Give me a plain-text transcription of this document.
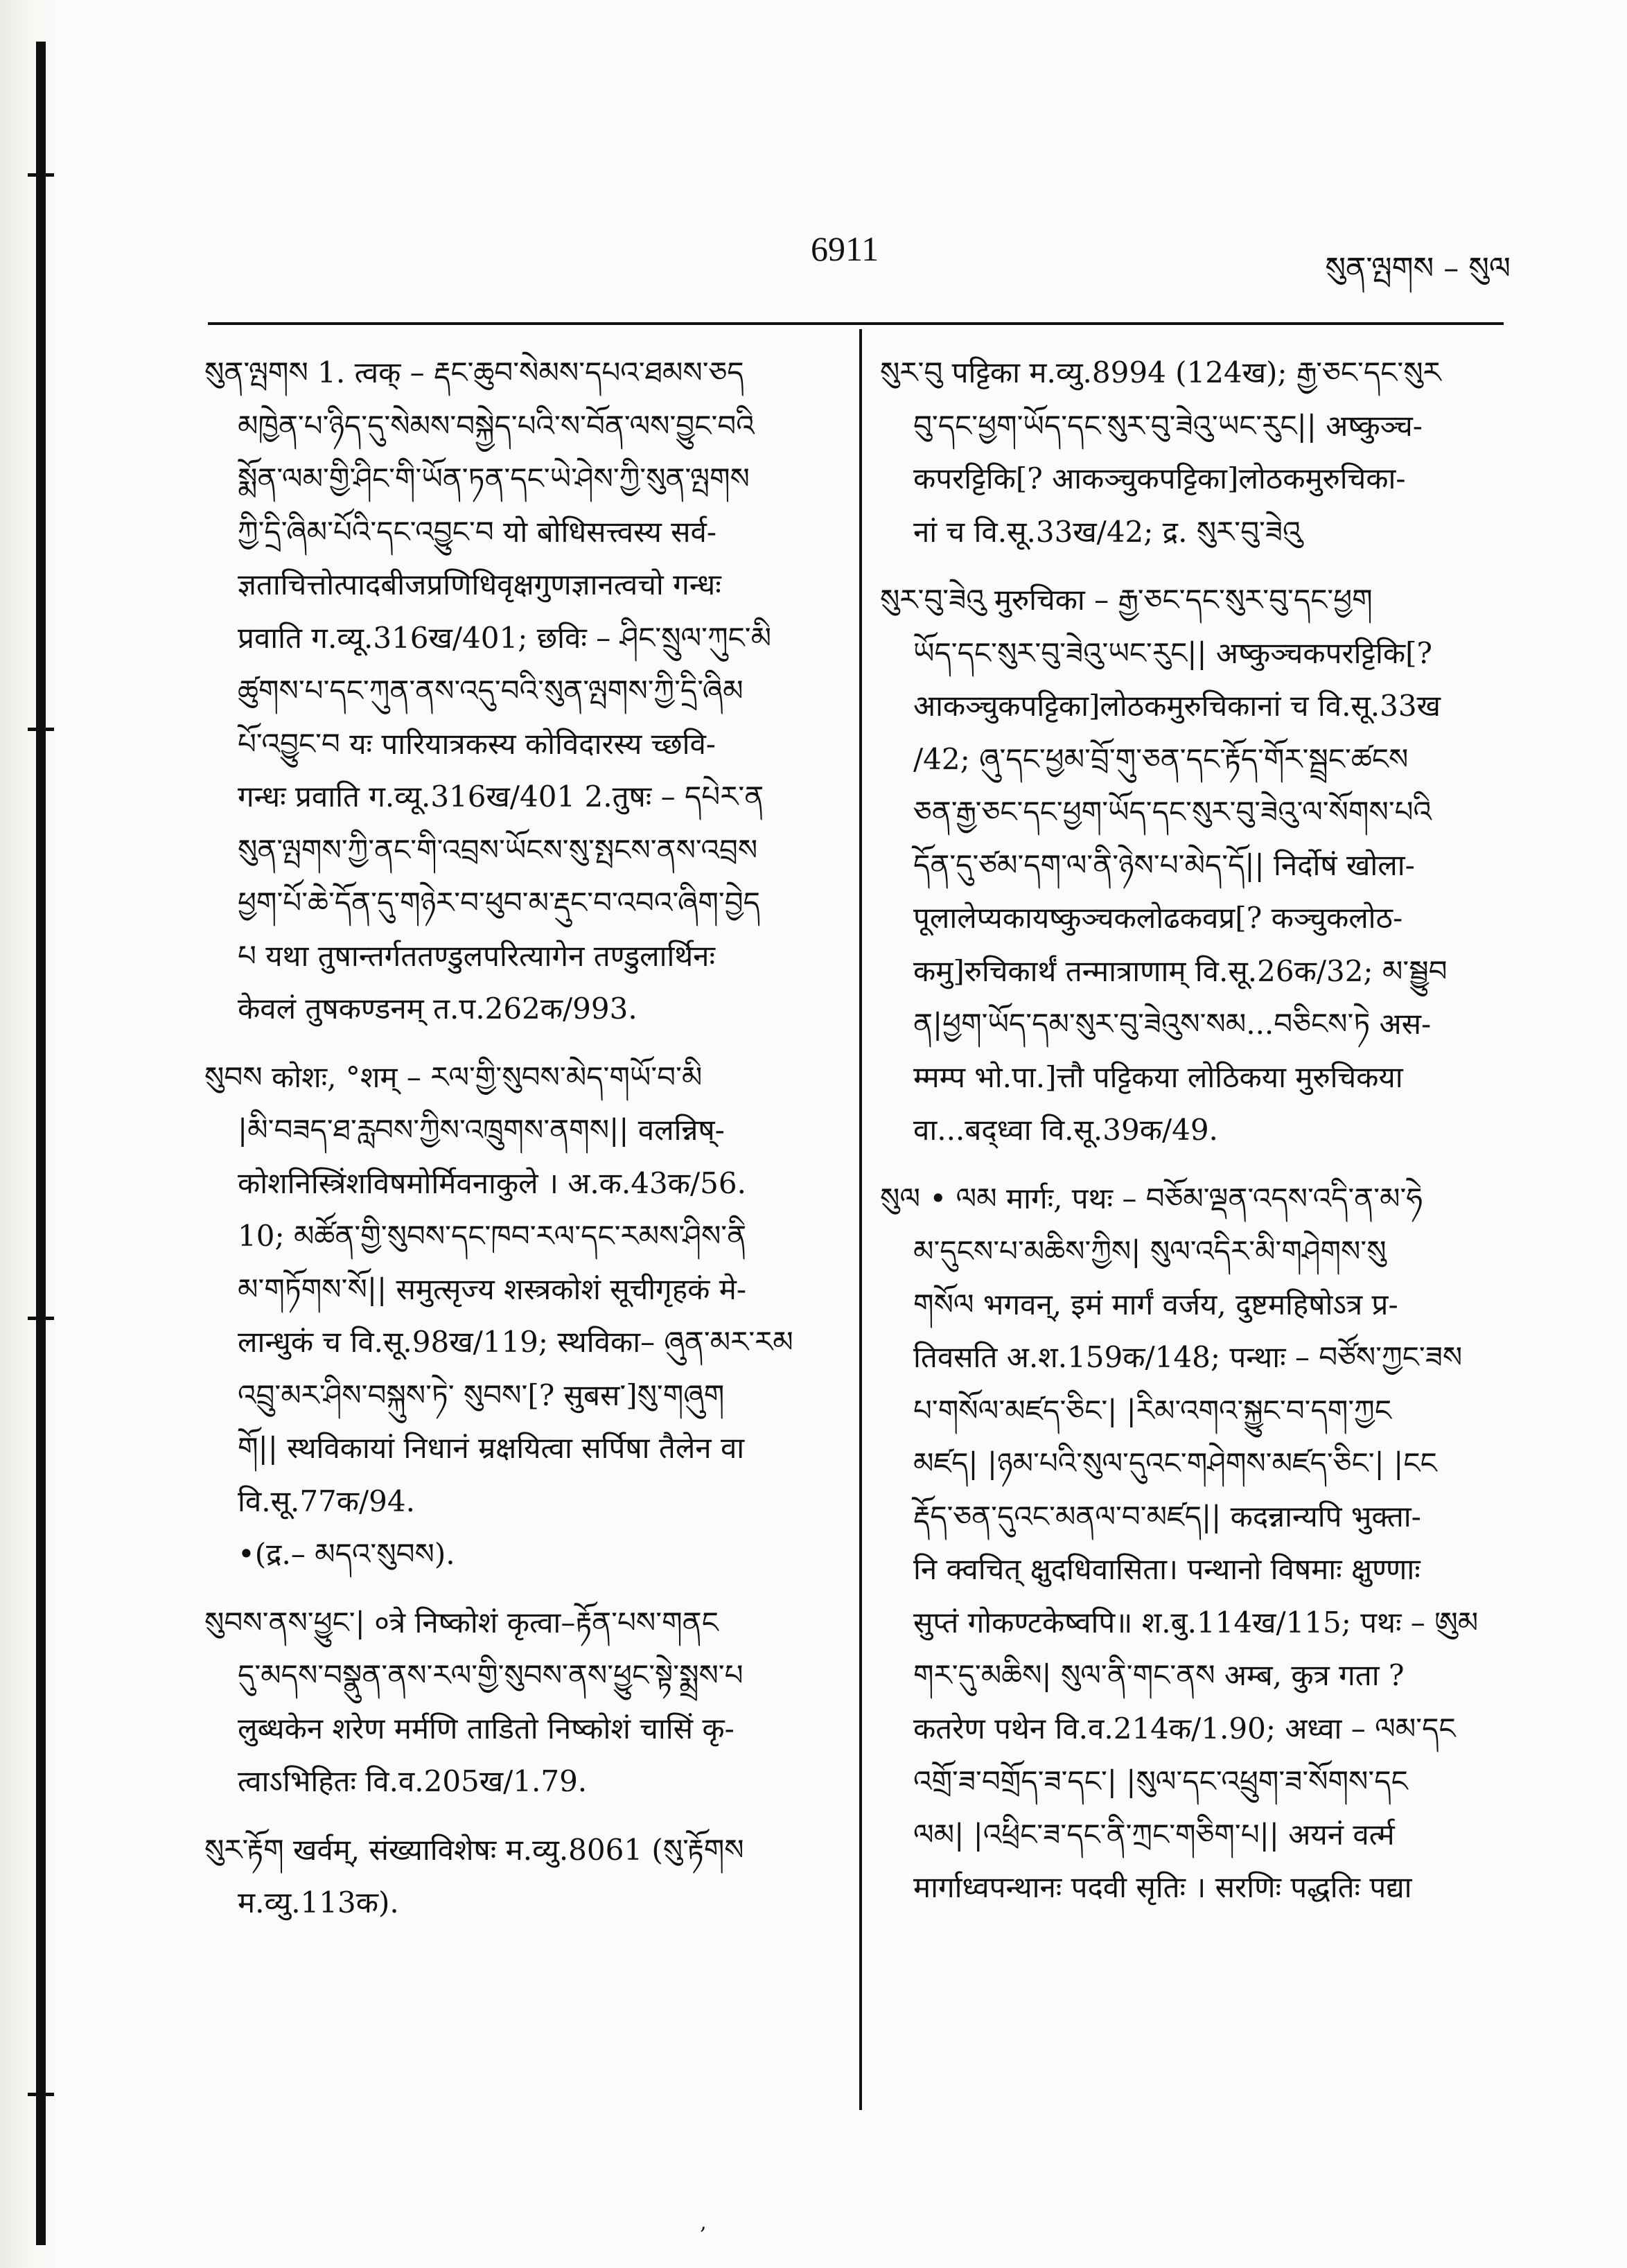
6911
སུན་ལྤགས – སུལ
སུན་ལྤགས 1. त्वक् – རྡང་ཆུབ་སེམས་དཔའ་ཐམས་ཅད
མཁྱེན་པ་ཉིད་དུ་སེམས་བསྐྱེད་པའི་ས་བོན་ལས་བྱུང་བའི
སྨོན་ལམ་གྱི་ཤིང་གི་ཡོན་ཏན་དང་ཡེ་ཤེས་ཀྱི་སུན་ལྤགས
ཀྱི་དྲི་ཞིམ་པོའི་དང་འབྱུང་བ यो बोधिसत्त्वस्य सर्व-
ज्ञताचित्तोत्पादबीजप्रणिधिवृक्षगुणज्ञानत्वचो गन्धः
प्रवाति ग.व्यू.316ख/401; छविः – ཤིང་སྲུལ་ཀུང་མི
ཚུགས་པ་དང་ཀུན་ནས་འདུ་བའི་སུན་ལྤགས་ཀྱི་དྲི་ཞིམ
པོ་འབྱུང་བ यः पारियात्रकस्य कोविदारस्य च्छवि-
गन्धः प्रवाति ग.व्यू.316ख/401 2.तुषः – དཔེར་ན
སུན་ལྤགས་ཀྱི་ནང་གི་འབྲས་ཡོངས་སུ་སྤངས་ནས་འབྲས
ཕྱག་པོ་ཆེ་དོན་དུ་གཉེར་བ་ཕུབ་མ་རྡུང་བ་འབའ་ཞིག་བྱེད
པ यथा तुषान्तर्गततण्डुलपरित्यागेन तण्डुलार्थिनः
केवलं तुषकण्डनम् त.प.262क/993.
སུབས कोशः, °शम् – རལ་གྱི་སུབས་མེད་གཡོ་བ་མི
|མི་བཟད་ཐ་རླབས་ཀྱིས་འཁྲུགས་ནགས|| वलन्निष्-
कोशनिस्त्रिंशविषमोर्मिवनाकुले । अ.क.43क/56.
10; མཚོན་གྱི་སུབས་དང་ཁབ་རལ་དང་རམས་ཤིས་ནི
མ་གཏོགས་སོ|| समुत्सृज्य शस्त्रकोशं सूचीगृहकं मे-
लान्धुकं च वि.सू.98ख/119; स्थविका– ཞུན་མར་རམ
འབྲུ་མར་ཤིས་བསྐུས་ཏེ་ སུབས་[? सुबस་]སུ་གཞུག
གོ|| स्थविकायां निधानं म्रक्षयित्वा सर्पिषा तैलेन वा
वि.सू.77क/94.
•(द्र.– མདའ་སུབས).
སུབས་ནས་ཕྱུང་| ०त्रे निष्कोशं कृत्वा–རྟོན་པས་གནང
དུ་མདས་བསྣུན་ནས་རལ་གྱི་སུབས་ནས་ཕྱུང་སྟེ་སྨྲས་པ
लुब्धकेन शरेण मर्मणि ताडितो निष्कोशं चासिं कृ-
त्वाऽभिहितः वि.व.205ख/1.79.
སུར་རྟོག खर्वम्, संख्याविशेषः म.व्यु.8061 (སུ་རྟོགས
म.व्यु.113क).
སུར་བུ पट्टिका म.व्यु.8994 (124ख); རྒྱ་ཅང་དང་སུར
བུ་དང་ཕྱག་ཡོད་དང་སུར་བུ་ཟེའུ་ཡང་རུང|| अष्कुञ्च-
कपरट्टिकि[? आकञ्चुकपट्टिका]लोठकमुरुचिका-
नां च वि.सू.33ख/42; द्र. སུར་བུ་ཟེའུ
སུར་བུ་ཟེའུ मुरुचिका – རྒྱ་ཅང་དང་སུར་བུ་དང་ཕྱག
ཡོད་དང་སུར་བུ་ཟེའུ་ཡང་རུང|| अष्कुञ्चकपरट्टिकि[?
आकञ्चुकपट्टिका]लोठकमुरुचिकानां च वि.सू.33ख
/42; ཞུ་དང་ཕྱམ་བྲོ་གུ་ཅན་དང་རྟོད་གོར་སྦྲང་ཚངས
ཅན་རྒྱ་ཅང་དང་ཕྱག་ཡོད་དང་སུར་བུ་ཟེའུ་ལ་སོགས་པའི
དོན་དུ་ཙམ་དག་ལ་ནི་ཉེས་པ་མེད་དོ|| निर्दोषं खोला-
पूलालेप्यकायष्कुञ्चकलोढकवप्र[? कञ्चुकलोठ-
कमु]रुचिकार्थं तन्मात्राणाम् वि.सू.26क/32; མ་སྦྱུབ
ན|ཕྱག་ཡོད་དམ་སུར་བུ་ཟེའུས་སམ...བཅིངས་ཏེ अस-
म्मम्प भो.पा.]त्तौ पट्टिकया लोठिकया मुरुचिकया
वा...बद्ध्वा वि.सू.39क/49.
སུལ • ལམ मार्गः, पथः – བཅོམ་ལྡན་འདས་འདི་ན་མ་ཧེ
མ་དུངས་པ་མཆིས་ཀྱིས| སུལ་འདིར་མི་གཤེགས་སུ
གསོལ भगवन्, इमं मार्गं वर्जय, दुष्टमहिषोऽत्र प्र-
तिवसति अ.श.159क/148; पन्थाः – བཙོས་ཀྱང་ཟས
པ་གསོལ་མཛད་ཅིང་| |རིམ་འགའ་སྐྱུང་བ་དག་ཀྱང
མཛད| |ཉམ་པའི་སུལ་དུའང་གཤེགས་མཛད་ཅིང་| |ངང
རྡོད་ཅན་དུའང་མནལ་བ་མཛད|| कदन्नान्यपि भुक्ता-
नि क्वचित् क्षुदधिवासिता। पन्थानो विषमाः क्षुण्णाः
सुप्तं गोकण्टकेष्वपि॥ श.बु.114ख/115; पथः – ཨུམ
གར་དུ་མཆིས| སུལ་ནི་གང་ནས अम्ब, कुत्र गता ?
कतरेण पथेन वि.व.214क/1.90; अध्वा – ལམ་དང
འགྲོ་ཟ་བགྲོད་ཟ་དང་| |སུལ་དང་འཕྲུག་ཟ་སོགས་དང
ལམ| |འཕྲིང་ཟ་དང་ནི་ཀྲང་གཅིག་པ|| अयनं वर्त्म
मार्गाध्वपन्थानः पदवी सृतिः । सरणिः पद्धतिः पद्या
‚
